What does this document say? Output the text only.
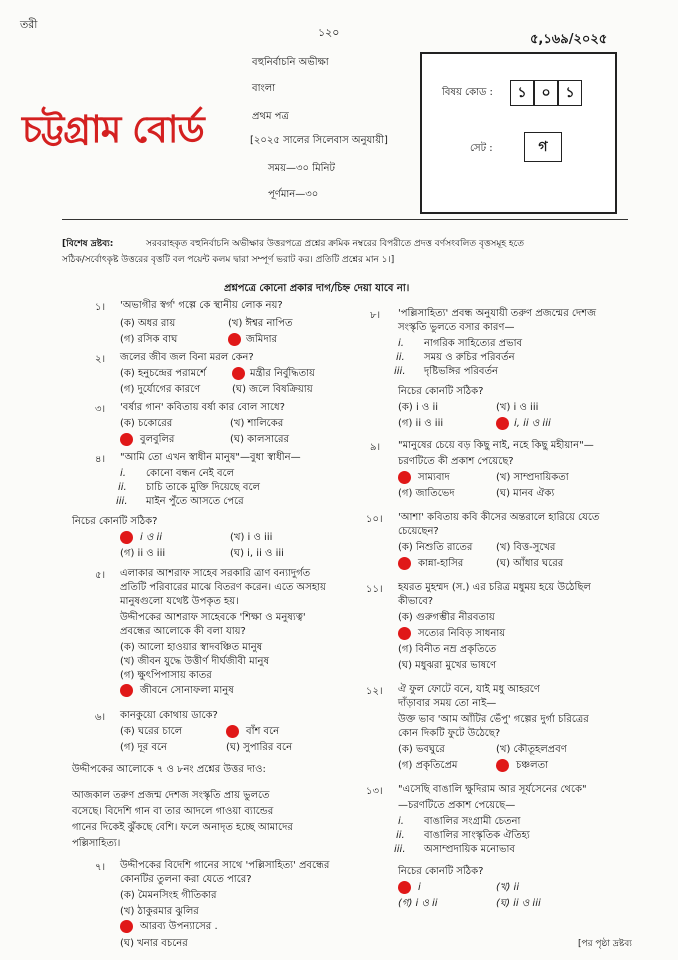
তরী
১২০	৫,১৬৯/২০২৫
চট্টগ্রাম বোর্ড
বহুনির্বাচনি অভীক্ষা
বাংলা
প্রথম পত্র
[২০২৫ সালের সিলেবাস অনুযায়ী]
সময়—৩০ মিনিট
পূর্ণমান—৩০
বিষয় কোড :	১	০	১
সেট :	গ
[বিশেষ দ্রষ্টব্য:	সরবরাহকৃত বহুনির্বাচনি অভীক্ষার উত্তরপত্রে প্রশ্নের ক্রমিক নম্বরের বিপরীতে প্রদত্ত বর্ণসংবলিত বৃত্তসমূহ হতে
সঠিক/সর্বোৎকৃষ্ট উত্তরের বৃত্তটি বল পয়েন্ট কলম দ্বারা সম্পূর্ণ ভরাট কর। প্রতিটি প্রশ্নের মান ১।]
প্রশ্নপত্রে কোনো প্রকার দাগ/চিহ্ন দেয়া যাবে না।
১। 'অভাগীর স্বর্গ' গল্পে কে স্থানীয় লোক নয়?
(ক) অধর রায়	(খ) ঈশ্বর নাপিত
(গ) রসিক বাঘ	জমিদার
২। জলের জীব জল বিনা মরল কেন?
(ক) হনুচন্দ্রের পরামর্শে	মন্ত্রীর নির্বুদ্ধিতায়
(গ) দুর্যোগের কারণে	(ঘ) জলে বিষক্রিয়ায়
৩। 'বর্ষার গান' কবিতায় বর্ষা কার বোল সাধে?
(ক) চকোরের	(খ) শালিকের
বুলবুলির	(ঘ) কালসারের
৪। "আমি তো এখন স্বাধীন মানুষ"—বুধা স্বাধীন—
i. কোনো বন্ধন নেই বলে
ii. চাচি তাকে মুক্তি দিয়েছে বলে
iii. মাইন পুঁতে আসতে পেরে
নিচের কোনটি সঠিক?
i ও ii	(খ) i ও iii
(গ) ii ও iii	(ঘ) i, ii ও iii
৫। এলাকার আশরাফ সাহেব সরকারি ত্রাণ বন্যাদুর্গত
প্রতিটি পরিবারের মাঝে বিতরণ করেন। এতে অসহায়
মানুষগুলো যথেষ্ট উপকৃত হয়।
উদ্দীপকের আশরাফ সাহেবকে 'শিক্ষা ও মনুষ্যত্ব'
প্রবন্ধের আলোকে কী বলা যায়?
(ক) আলো হাওয়ার স্বাদবঞ্চিত মানুষ
(খ) জীবন যুদ্ধে উত্তীর্ণ দীর্ঘজীবী মানুষ
(গ) ক্ষুৎপিপাসায় কাতর
জীবনে সোনাফলা মানুষ
৬। কানকুয়ো কোথায় ডাকে?
(ক) ঘরের চালে	বাঁশ বনে
(গ) দূর বনে	(ঘ) সুপারির বনে
উদ্দীপকের আলোকে ৭ ও ৮নং প্রশ্নের উত্তর দাও:
আজকাল তরুণ প্রজন্ম দেশজ সংস্কৃতি প্রায় ভুলতে
বসেছে। বিদেশি গান বা তার আদলে গাওয়া ব্যান্ডের
গানের দিকেই ঝুঁকছে বেশি। ফলে অনাদৃত হচ্ছে আমাদের
পল্লিসাহিত্য।
৭। উদ্দীপকের বিদেশি গানের সাথে 'পল্লিসাহিত্য' প্রবন্ধের
কোনটির তুলনা করা যেতে পারে?
(ক) মৈমনসিংহ গীতিকার
(খ) ঠাকুরমার ঝুলির
আরব্য উপন্যাসের .
(ঘ) খনার বচনের
৮। 'পল্লিসাহিত্য' প্রবন্ধ অনুযায়ী তরুণ প্রজন্মের দেশজ
সংস্কৃতি ভুলতে বসার কারণ—
i. নাগরিক সাহিত্যের প্রভাব
ii. সময় ও রুচির পরিবর্তন
iii. দৃষ্টিভঙ্গির পরিবর্তন
নিচের কোনটি সঠিক?
(ক) i ও ii	(খ) i ও iii
(গ) ii ও iii	i, ii ও iii
৯। "মানুষের চেয়ে বড় কিছু নাই, নহে কিছু মহীয়ান"—
চরণটিতে কী প্রকাশ পেয়েছে?
সাম্যবাদ	(খ) সাম্প্রদায়িকতা
(গ) জাতিভেদ	(ঘ) মানব ঐক্য
১০। 'আশা' কবিতায় কবি কীসের অন্তরালে হারিয়ে যেতে
চেয়েছেন?
(ক) নিশুতি রাতের (খ) বিত্ত-সুখের
কান্না-হাসির	(ঘ) আঁধার ঘরের
১১। হযরত মুহম্মদ (স.) এর চরিত্র মধুময় হয়ে উঠেছিল
কীভাবে?
(ক) গুরুগম্ভীর নীরবতায়
সত্যের নিবিড় সাধনায়
(গ) বিনীত নম্র প্রকৃতিতে
(ঘ) মধুঝরা মুখের ভাষণে
১২। ঐ ফুল ফোটে বনে, যাই মধু আহরণে
দাঁড়াবার সময় তো নাই—
উক্ত ভাব 'আম আঁটির ভেঁপু' গল্পের দুর্গা চরিত্রের
কোন দিকটি ফুটে উঠেছে?
(ক) ভবঘুরে	(খ) কৌতূহলপ্রবণ
(গ) প্রকৃতিপ্রেম	চঞ্চলতা
১৩। "এসেছি বাঙালি ক্ষুদিরাম আর সূর্যসেনের থেকে"
—চরণটিতে প্রকাশ পেয়েছে—
i. বাঙালির সংগ্রামী চেতনা
ii. বাঙালির সাংস্কৃতিক ঐতিহ্য
iii. অসাম্প্রদায়িক মনোভাব
নিচের কোনটি সঠিক?
i	(খ) ii
(গ) i ও ii	(ঘ) ii ও iii
[পর পৃষ্ঠা দ্রষ্টব্য
